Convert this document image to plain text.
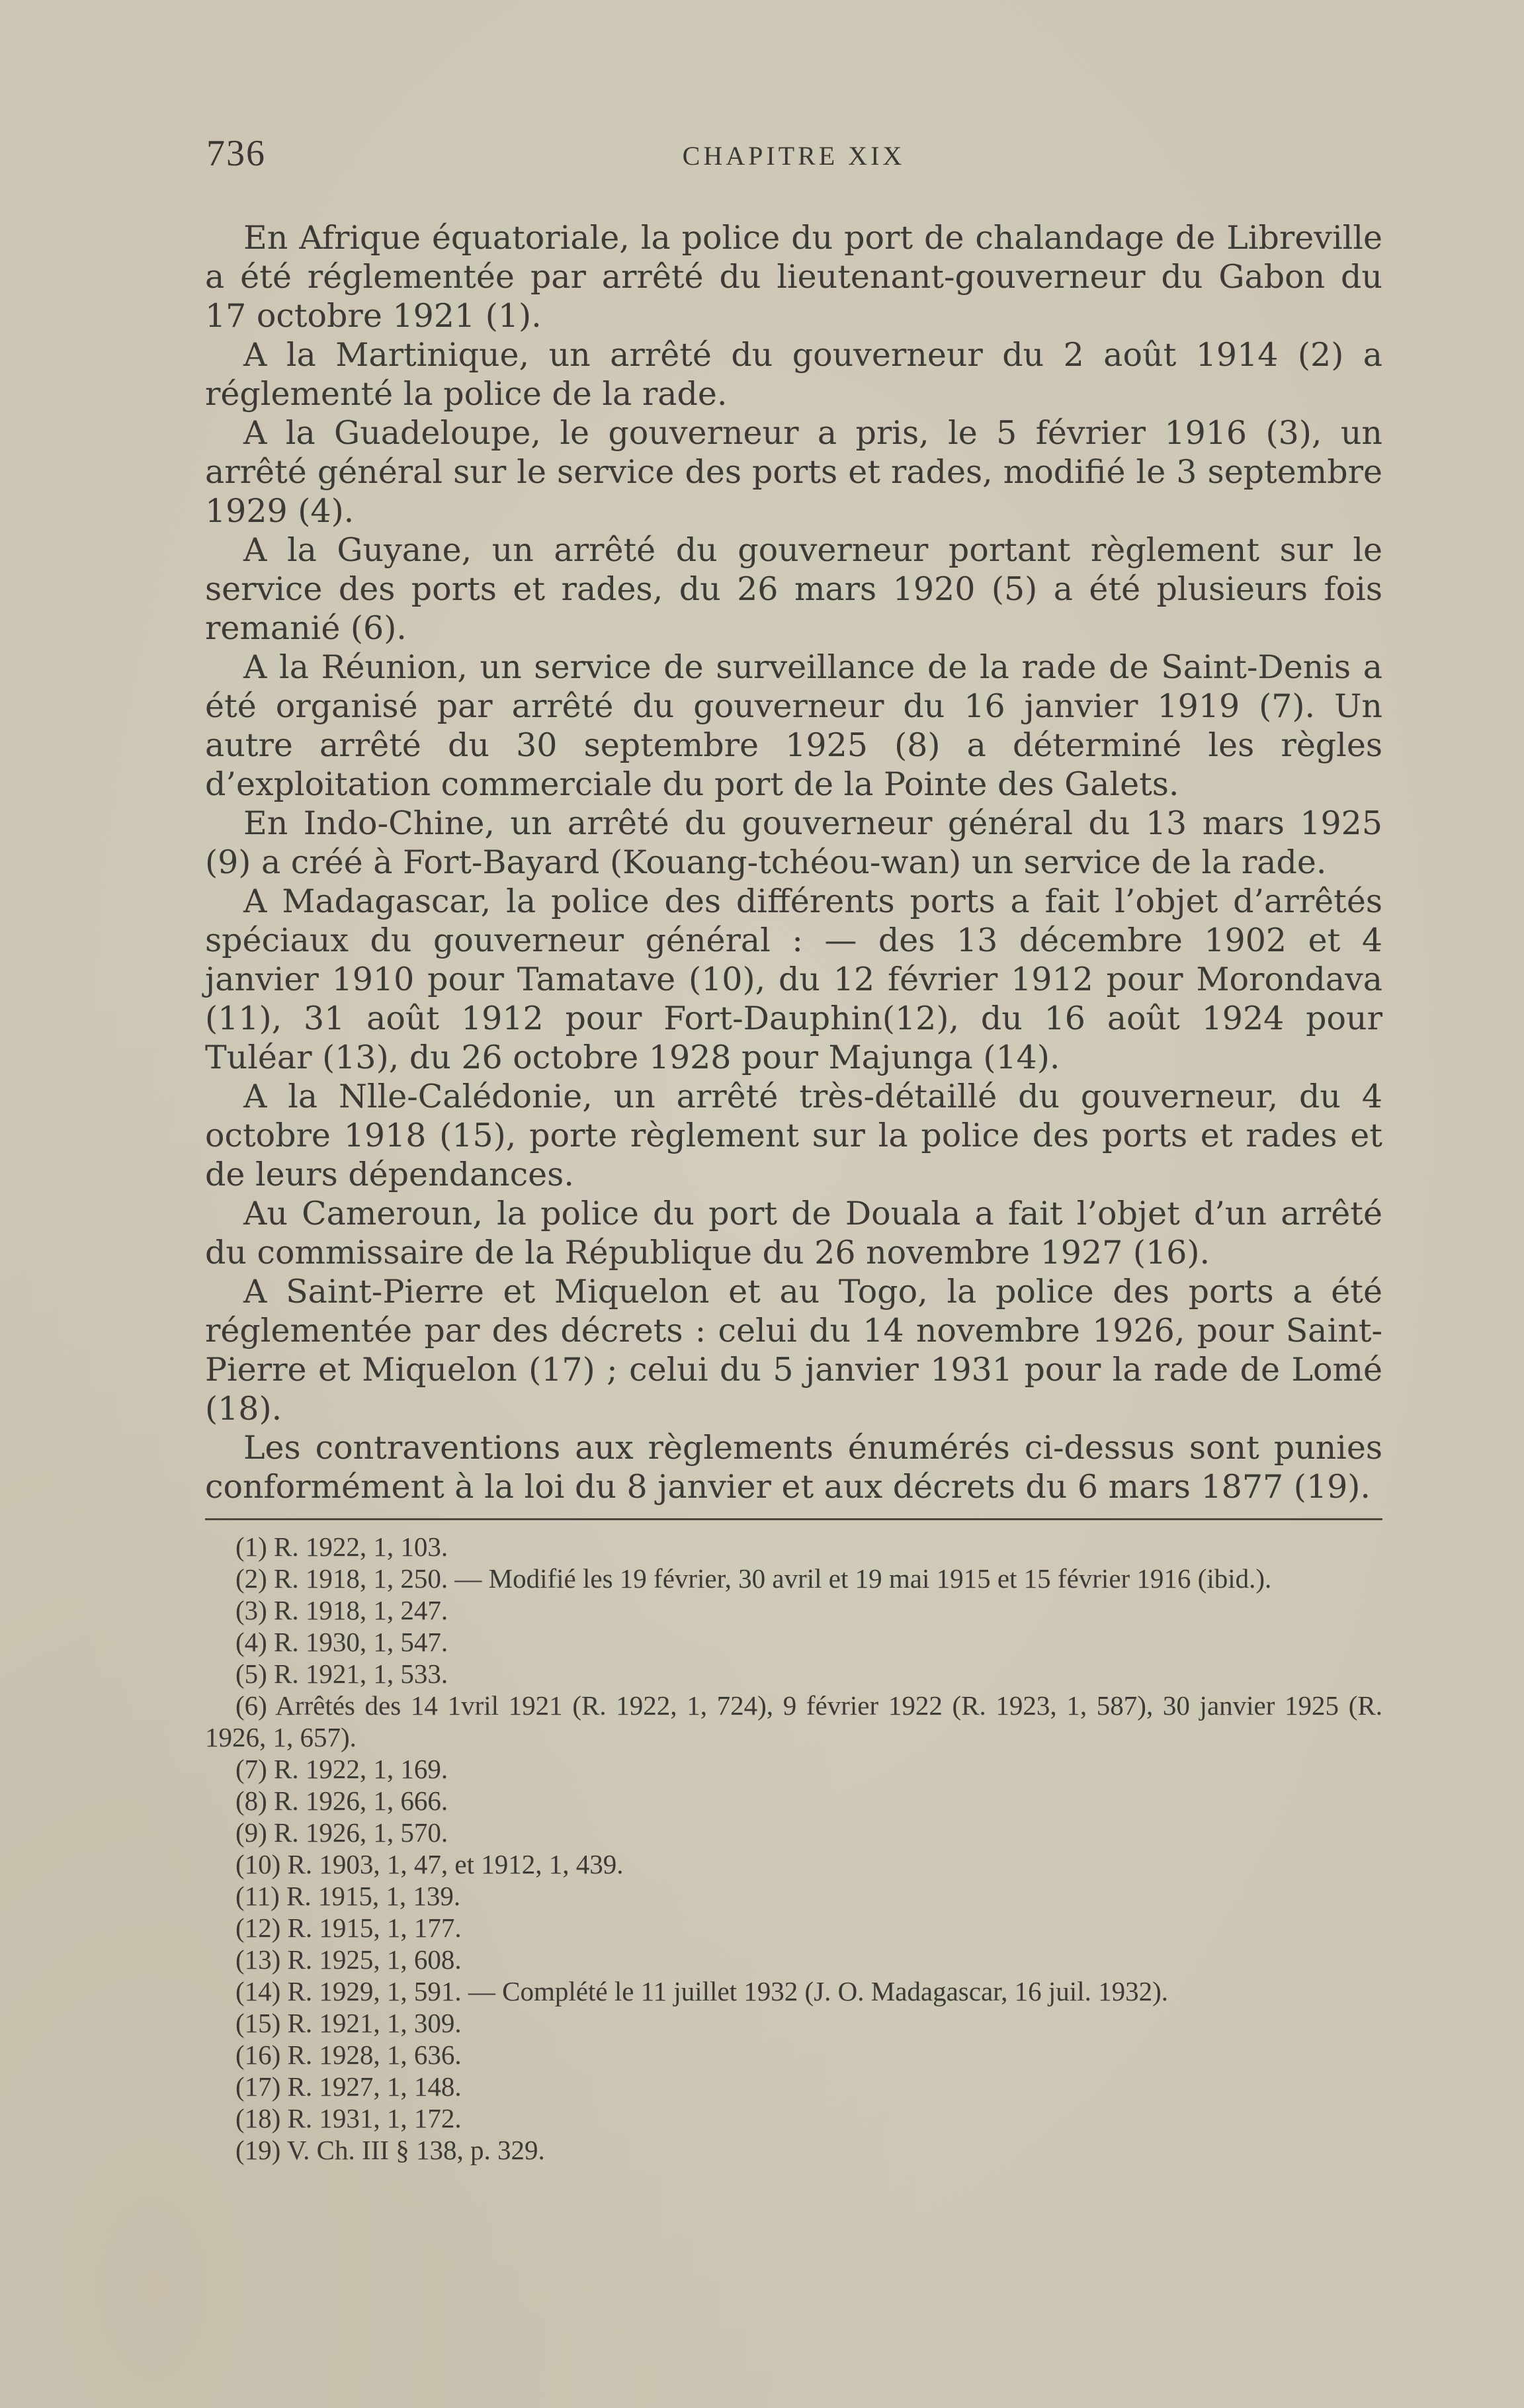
736	CHAPITRE XIX

En Afrique équatoriale, la police du port de chalandage de Libreville a été réglementée par arrêté du lieutenant-gouverneur du Gabon du 17 octobre 1921 (1).

A la Martinique, un arrêté du gouverneur du 2 août 1914 (2) a réglementé la police de la rade.

A la Guadeloupe, le gouverneur a pris, le 5 février 1916 (3), un arrêté général sur le service des ports et rades, modifié le 3 septembre 1929 (4).

A la Guyane, un arrêté du gouverneur portant règlement sur le service des ports et rades, du 26 mars 1920 (5) a été plusieurs fois remanié (6).

A la Réunion, un service de surveillance de la rade de Saint-Denis a été organisé par arrêté du gouverneur du 16 janvier 1919 (7). Un autre arrêté du 30 septembre 1925 (8) a déterminé les règles d’exploitation commerciale du port de la Pointe des Galets.

En Indo-Chine, un arrêté du gouverneur général du 13 mars 1925 (9) a créé à Fort-Bayard (Kouang-tchéou-wan) un service de la rade.

A Madagascar, la police des différents ports a fait l’objet d’arrêtés spéciaux du gouverneur général : — des 13 décembre 1902 et 4 janvier 1910 pour Tamatave (10), du 12 février 1912 pour Morondava (11), 31 août 1912 pour Fort-Dauphin(12), du 16 août 1924 pour Tuléar (13), du 26 octobre 1928 pour Majunga (14).

A la Nlle-Calédonie, un arrêté très-détaillé du gouverneur, du 4 octobre 1918 (15), porte règlement sur la police des ports et rades et de leurs dépendances.

Au Cameroun, la police du port de Douala a fait l’objet d’un arrêté du commissaire de la République du 26 novembre 1927 (16).

A Saint-Pierre et Miquelon et au Togo, la police des ports a été réglementée par des décrets : celui du 14 novembre 1926, pour Saint-Pierre et Miquelon (17) ; celui du 5 janvier 1931 pour la rade de Lomé (18).

Les contraventions aux règlements énumérés ci-dessus sont punies conformément à la loi du 8 janvier et aux décrets du 6 mars 1877 (19).

(1) R. 1922, 1, 103.

(2) R. 1918, 1, 250. — Modifié les 19 février, 30 avril et 19 mai 1915 et 15 février 1916 (ibid.).

(3) R. 1918, 1, 247.

(4) R. 1930, 1, 547.

(5) R. 1921, 1, 533.

(6) Arrêtés des 14 1vril 1921 (R. 1922, 1, 724), 9 février 1922 (R. 1923, 1, 587), 30 janvier 1925 (R. 1926, 1, 657).

(7) R. 1922, 1, 169.

(8) R. 1926, 1, 666.

(9) R. 1926, 1, 570.

(10) R. 1903, 1, 47, et 1912, 1, 439.

(11) R. 1915, 1, 139.

(12) R. 1915, 1, 177.

(13) R. 1925, 1, 608.

(14) R. 1929, 1, 591. — Complété le 11 juillet 1932 (J. O. Madagascar, 16 juil. 1932).

(15) R. 1921, 1, 309.

(16) R. 1928, 1, 636.

(17) R. 1927, 1, 148.

(18) R. 1931, 1, 172.

(19) V. Ch. III § 138, p. 329.
